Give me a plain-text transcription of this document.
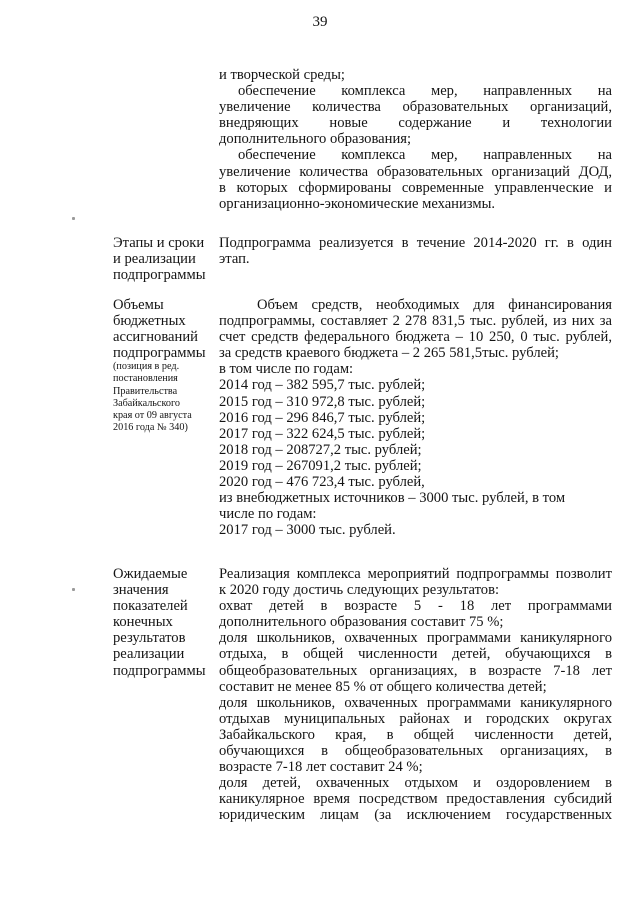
39
и творческой среды;
обеспечение комплекса мер, направленных на
увеличение количества образовательных организаций,
внедряющих новые содержание и технологии
дополнительного образования;
обеспечение комплекса мер, направленных на
увеличение количества образовательных организаций ДОД,
в которых сформированы современные управленческие и
организационно-экономические механизмы.
Этапы и сроки
и реализации
подпрограммы
Подпрограмма реализуется в течение 2014-2020 гг. в один
этап.
Объемы
бюджетных
ассигнований
подпрограммы
(позиция в ред.
постановления
Правительства
Забайкальского
края от 09 августа
2016 года № 340)
Объем средств, необходимых для финансирования
подпрограммы, составляет 2 278 831,5 тыс. рублей, из них за
счет средств федерального бюджета – 10 250, 0 тыс. рублей,
за средств краевого бюджета – 2 265 581,5тыс. рублей;
в том числе по годам:
2014 год – 382 595,7 тыс. рублей;
2015 год – 310 972,8 тыс. рублей;
2016 год – 296 846,7 тыс. рублей;
2017 год – 322 624,5 тыс. рублей;
2018 год – 208727,2 тыс. рублей;
2019 год – 267091,2 тыс. рублей;
2020 год – 476 723,4 тыс. рублей,
из внебюджетных источников – 3000 тыс. рублей, в том
числе по годам:
2017 год – 3000 тыс. рублей.
Ожидаемые
значения
показателей
конечных
результатов
реализации
подпрограммы
Реализация комплекса мероприятий подпрограммы позволит
к 2020 году достичь следующих результатов:
охват детей в возрасте 5 - 18 лет программами
дополнительного образования составит 75 %;
доля школьников, охваченных программами каникулярного
отдыха, в общей численности детей, обучающихся в
общеобразовательных организациях, в возрасте 7-18 лет
составит не менее 85 % от общего количества детей;
доля школьников, охваченных программами каникулярного
отдыхав муниципальных районах и городских округах
Забайкальского края, в общей численности детей,
обучающихся в общеобразовательных организациях, в
возрасте 7-18 лет составит 24 %;
доля детей, охваченных отдыхом и оздоровлением в
каникулярное время посредством предоставления субсидий
юридическим лицам (за исключением государственных
